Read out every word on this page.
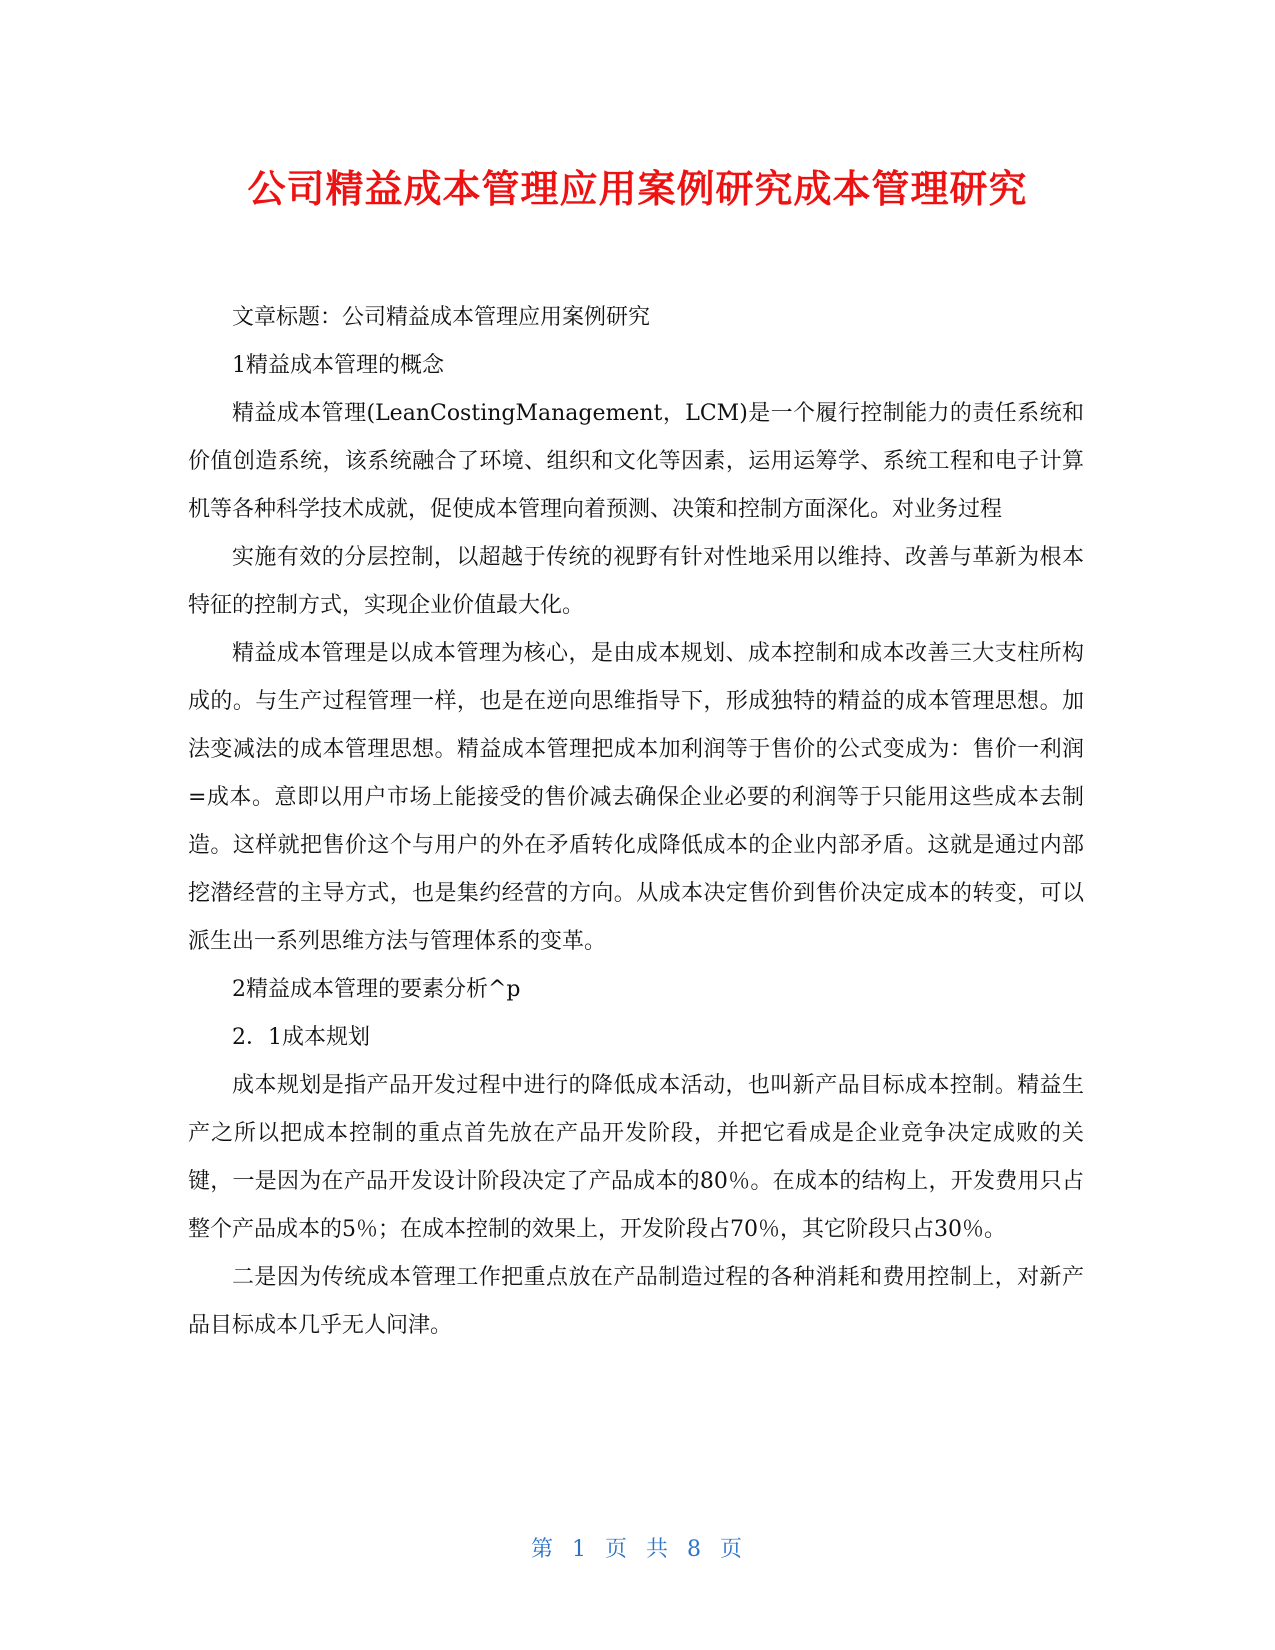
公司精益成本管理应用案例研究成本管理研究

文章标题：公司精益成本管理应用案例研究

1精益成本管理的概念

精益成本管理(LeanCostingManagement，LCM)是一个履行控制能力的责任系统和价值创造系统，该系统融合了环境、组织和文化等因素，运用运筹学、系统工程和电子计算机等各种科学技术成就，促使成本管理向着预测、决策和控制方面深化。对业务过程

实施有效的分层控制，以超越于传统的视野有针对性地采用以维持、改善与革新为根本特征的控制方式，实现企业价值最大化。

精益成本管理是以成本管理为核心，是由成本规划、成本控制和成本改善三大支柱所构成的。与生产过程管理一样，也是在逆向思维指导下，形成独特的精益的成本管理思想。加法变减法的成本管理思想。精益成本管理把成本加利润等于售价的公式变成为：售价一利润=成本。意即以用户市场上能接受的售价减去确保企业必要的利润等于只能用这些成本去制造。这样就把售价这个与用户的外在矛盾转化成降低成本的企业内部矛盾。这就是通过内部挖潜经营的主导方式，也是集约经营的方向。从成本决定售价到售价决定成本的转变，可以派生出一系列思维方法与管理体系的变革。

2精益成本管理的要素分析^p

2．1成本规划

成本规划是指产品开发过程中进行的降低成本活动，也叫新产品目标成本控制。精益生产之所以把成本控制的重点首先放在产品开发阶段，并把它看成是企业竞争决定成败的关键，一是因为在产品开发设计阶段决定了产品成本的80％。在成本的结构上，开发费用只占整个产品成本的5％；在成本控制的效果上，开发阶段占70％，其它阶段只占30％。

二是因为传统成本管理工作把重点放在产品制造过程的各种消耗和费用控制上，对新产品目标成本几乎无人问津。

第 1 页 共 8 页
